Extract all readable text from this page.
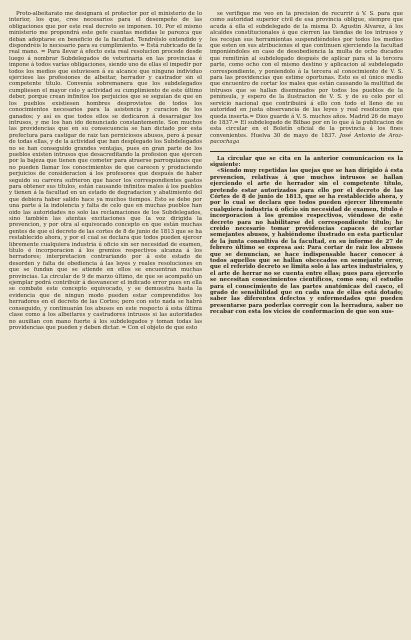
Proto-albeitarato me designará el protector por el ministerio de lo interior, los que, cree necesarios para el desempeño de las obligaciones que por este real decreto se imponen. 10. Por el mismo ministerio me propondrá este gefe cuantas medidas le parezca que deban adoptarse en beneficio de la facultad. Tendréislo entendido y dispondréis lo necesario para su cumplimiento. = Está rubricado de la real mano. = Para llevar á efecto esta real resolucion procede desde luego á nombrar Subdelegados de veterinaria en las provincias é impone á todos varias obligaciones, siendo uno de ellas el impedir por todos los medios que estuviesen á su alcance que ninguno individuo ejerciese las profesiones de albeitar, herrador y castrador sin el competente título. Convenía sobremanera que los subdelegados cumpliesen el mayor celo y actividad su cumplimiento de este último deber, porque crean infinitos los perjuicios que se seguían de que en los pueblos existiesen hombres desprovistos de todos los conocimientos necesarios para la asistencia y curacion de los ganados; y así es que todos ellos se dedicaron á desarraigar los intrusos, y me los han ido denunciado constantemente. Son muchos las providencias que en su consecuencia se han dictado por esta prefectura para castigar de raiz tan perniciosos abusos, pero á pesar de todas ellas, y de la actividad que han desplegado los Subdelegados no se han conseguido grandes ventajas, pues en gran parte de los pueblos existen intrusos que desacreditando la profesion que ejercen por la bajeza que tienen que cometer para atraerse parroquianos que no pueden llamar los conocimientos de que carecen y produciendo perjuicios de consideracion á los profesores que después de haber seguido su carrera sufrieron que hacer los correspondientes gastos para obtener sus títulos, están causando infinitos males á los pueblos y tienen á la facultad en un estado de degradacion y abatimiento del que debiera haber salido hace ya muchos tiempos. Esto se debe por una parte á la indolencia y falta de celo que en muchas pueblos han oido las autoridades no solo las reclamaciones de los Subdelegados, sino también las atentas excitaciones que la voz dirigida la prevencion, y por otra al equivocado concepto en que están muchas gentes de que el decreto de las cortes de 8 de junio de 1813 que se ha restablecido ahora, y por el cual se declara que todos pueden ejercer libremente cualquiera industria ú oficio sin ser necesidad de examen, título é incorporacion á los gremios respectivos alcanza á los herradores; interpretacion contrariando por á este estado de desorden y falta de obediencia á las leyes y reales resoluciones en que se fundan que se atiende en ellos se encuentran muchas provincias. La circular de 9 de marzo último, de que se acompañó un ejemplar podrá contribuir á desvanecer el indicado error pues en ella se combate este concepto equivocado, y se demuestra hasta la evidencia que de ningun modo pueden estar comprendidos los herradores en el decreto de las Cortes; pero con esto nada se habrá conseguido, y continuarán los abusos en este respecto á esta última clase como á los albeitares y castradores intrusos si las autoridades no auxilian con mano fuerte á los subdelegados y toman todas las providencias que pueden y deben dictar. = Con el objeto de que esto

se verifique me veo en la precision de recurrir á V. S. para que como autoridad superior civil de esa provincia obligue, siempre que acuda á ella el subdelegado de la misma D. Agustin Alvarez, á los alcaldes constitucionales á que cierren las tiendas de los intrusos y les recojan sus herramientas suspendiéndoles por todos los medios que esten en sus atribuciones el que continuen ejerciendo la facultad imponiéndoles en caso de desobediencia la multa de ocho ducados que remitirán al subdelegado después de aplicar para si la tercera parte, como ocho con el mismo destino y aplicacion al subdelegado correspondiente, y poniendolo á la tercera al conocimiento de V. S. para las providencias que estime oportunas. Esto es el único medio que encuentro de cortar los males que están causando la multitud de intrusos que se hallan diseminados por todos los pueblos de la península, y espero de la ilustracion de V. S. y de su celo por el servicio nacional que contribuirá á ello con todo el lleno de su autoridad en justa observancia de las leyes y real resolucion que queda inserta.= Dios guarde á V. S. muchos años. Madrid 26 de mayo de 1837.= El subdelegado de Bilbao por en lo que á la publicacion de esta circular en el Boletín oficial de la provincia á los fines convenientes. Huelva 30 de mayo de 1837. José Antonio de Aroz-pacochaga

La circular que se cita en la anterior comunicacion es la siguiente:

«Siendo muy repetidas las quejas que se han dirigido á esta prevencion, relativas á que muchos intrusos se hallan ejerciendo el arte de herrador sin el competente título, pretendo estar autorizados para ello por el decreto de las Córtes de 8 de junio de 1813, que se ha restablecido ahora, y por lo cual se declara que todos pueden ejercer libremente cualquiera industria ú oficio sin necesidad de examen, título é incorporacion á los gremios respectivos, viéndose de este decreto para no habilitarse del correspondiente título; he creido necesario tomar providencias capaces de cortar semejantes abusos, y habiéndome ilustrado en esta particular de la junta consultiva de la facultad, en su informe de 27 de febrero último se expresa así: Para cortar de raiz los abusos que se denuncian, se hace indispensable hacer conocer á todos aquellos que se hallan obcecados en semejante error, que el referido decreto se limita solo á las artes industriales, y el arte de herrar no se cuenta entre ellas; pues para ejercerlo se necesitan conocimientos científicos, como son; el estudio para el conocimiento de las partes anatómicas del casco, el grado de sensibilidad que en cada una de ellas está dotado; saber las diferentes defectos y enfermedades que pueden presentarse para poderlas corregir con la herradura, saber no recabar con esta los vicios de conformacion de que son sus-
